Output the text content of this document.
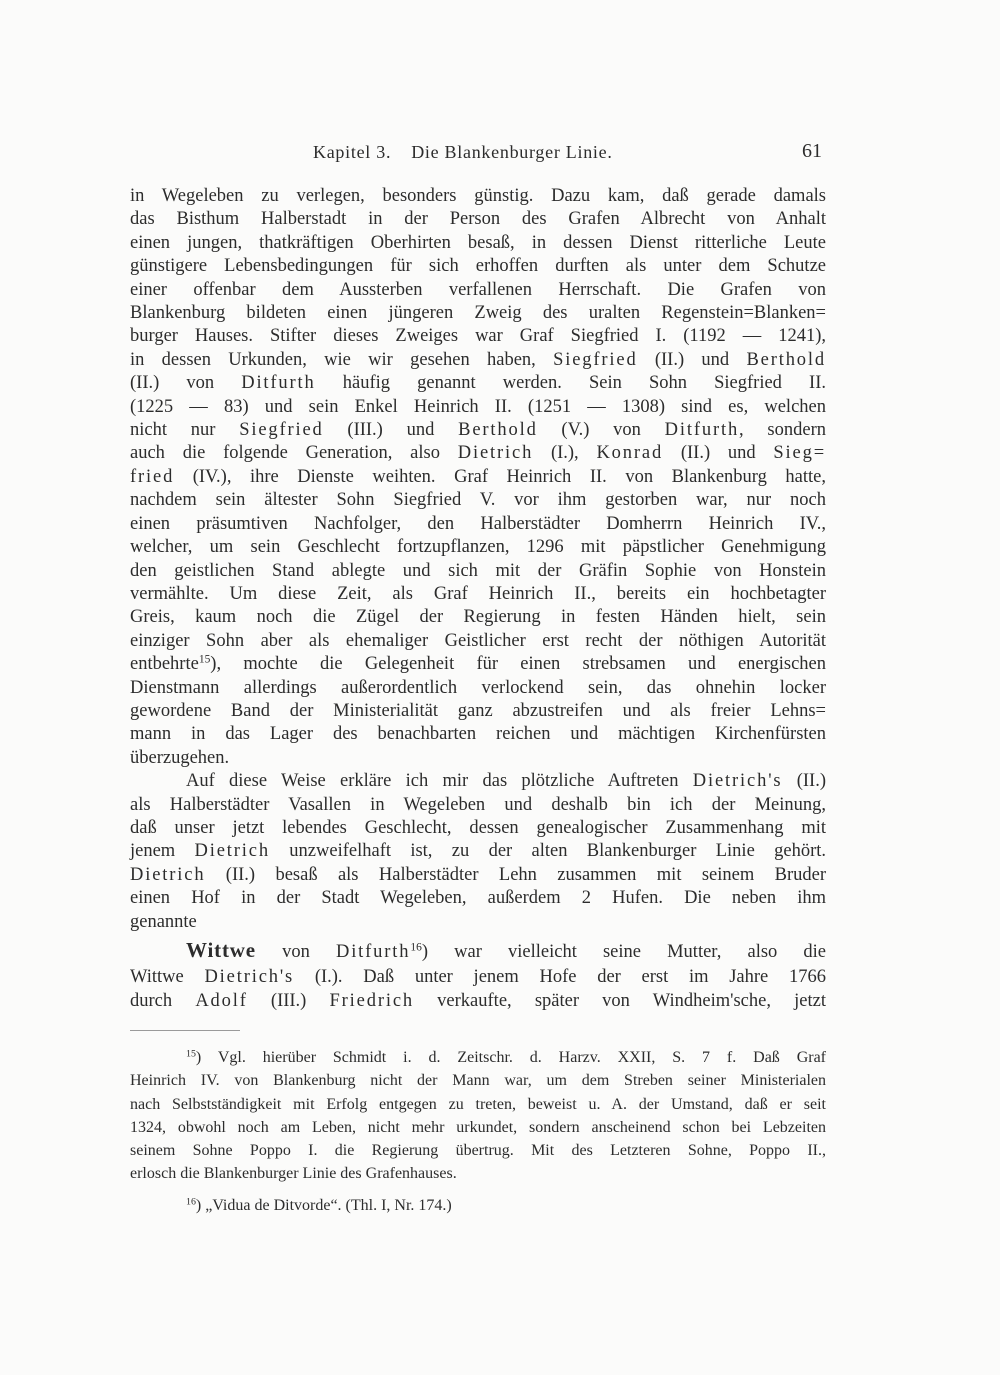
Kapitel 3. Die Blankenburger Linie.	61
in Wegeleben zu verlegen, besonders günstig. Dazu kam, daß gerade damals
das Bisthum Halberstadt in der Person des Grafen Albrecht von Anhalt
einen jungen, thatkräftigen Oberhirten besaß, in dessen Dienst ritterliche Leute
günstigere Lebensbedingungen für sich erhoffen durften als unter dem Schutze
einer offenbar dem Aussterben verfallenen Herrschaft. Die Grafen von
Blankenburg bildeten einen jüngeren Zweig des uralten Regenstein=Blanken=
burger Hauses. Stifter dieses Zweiges war Graf Siegfried I. (1192 — 1241),
in dessen Urkunden, wie wir gesehen haben, Siegfried (II.) und Berthold
(II.) von Ditfurth häufig genannt werden. Sein Sohn Siegfried II.
(1225 — 83) und sein Enkel Heinrich II. (1251 — 1308) sind es, welchen
nicht nur Siegfried (III.) und Berthold (V.) von Ditfurth, sondern
auch die folgende Generation, also Dietrich (I.), Konrad (II.) und Sieg=
fried (IV.), ihre Dienste weihten. Graf Heinrich II. von Blankenburg hatte,
nachdem sein ältester Sohn Siegfried V. vor ihm gestorben war, nur noch
einen präsumtiven Nachfolger, den Halberstädter Domherrn Heinrich IV.,
welcher, um sein Geschlecht fortzupflanzen, 1296 mit päpstlicher Genehmigung
den geistlichen Stand ablegte und sich mit der Gräfin Sophie von Honstein
vermählte. Um diese Zeit, als Graf Heinrich II., bereits ein hochbetagter
Greis, kaum noch die Zügel der Regierung in festen Händen hielt, sein
einziger Sohn aber als ehemaliger Geistlicher erst recht der nöthigen Autorität
entbehrte$^{15}$), mochte die Gelegenheit für einen strebsamen und energischen
Dienstmann allerdings außerordentlich verlockend sein, das ohnehin locker
gewordene Band der Ministerialität ganz abzustreifen und als freier Lehns=
mann in das Lager des benachbarten reichen und mächtigen Kirchenfürsten
überzugehen.
Auf diese Weise erkläre ich mir das plötzliche Auftreten Dietrich's (II.)
als Halberstädter Vasallen in Wegeleben und deshalb bin ich der Meinung,
daß unser jetzt lebendes Geschlecht, dessen genealogischer Zusammenhang mit
jenem Dietrich unzweifelhaft ist, zu der alten Blankenburger Linie gehört.
Dietrich (II.) besaß als Halberstädter Lehn zusammen mit seinem Bruder
einen Hof in der Stadt Wegeleben, außerdem 2 Hufen. Die neben ihm
genannte
Wittwe von Ditfurth$^{16}$) war vielleicht seine Mutter, also die
Wittwe Dietrich's (I.). Daß unter jenem Hofe der erst im Jahre 1766
durch Adolf (III.) Friedrich verkaufte, später von Windheim'sche, jetzt
$^{15}$) Vgl. hierüber Schmidt i. d. Zeitschr. d. Harzv. XXII, S. 7 f. Daß Graf
Heinrich IV. von Blankenburg nicht der Mann war, um dem Streben seiner Ministerialen
nach Selbstständigkeit mit Erfolg entgegen zu treten, beweist u. A. der Umstand, daß er seit
1324, obwohl noch am Leben, nicht mehr urkundet, sondern anscheinend schon bei Lebzeiten
seinem Sohne Poppo I. die Regierung übertrug. Mit des Letzteren Sohne, Poppo II.,
erlosch die Blankenburger Linie des Grafenhauses.
$^{16}$) „Vidua de Ditvorde“. (Thl. I, Nr. 174.)
